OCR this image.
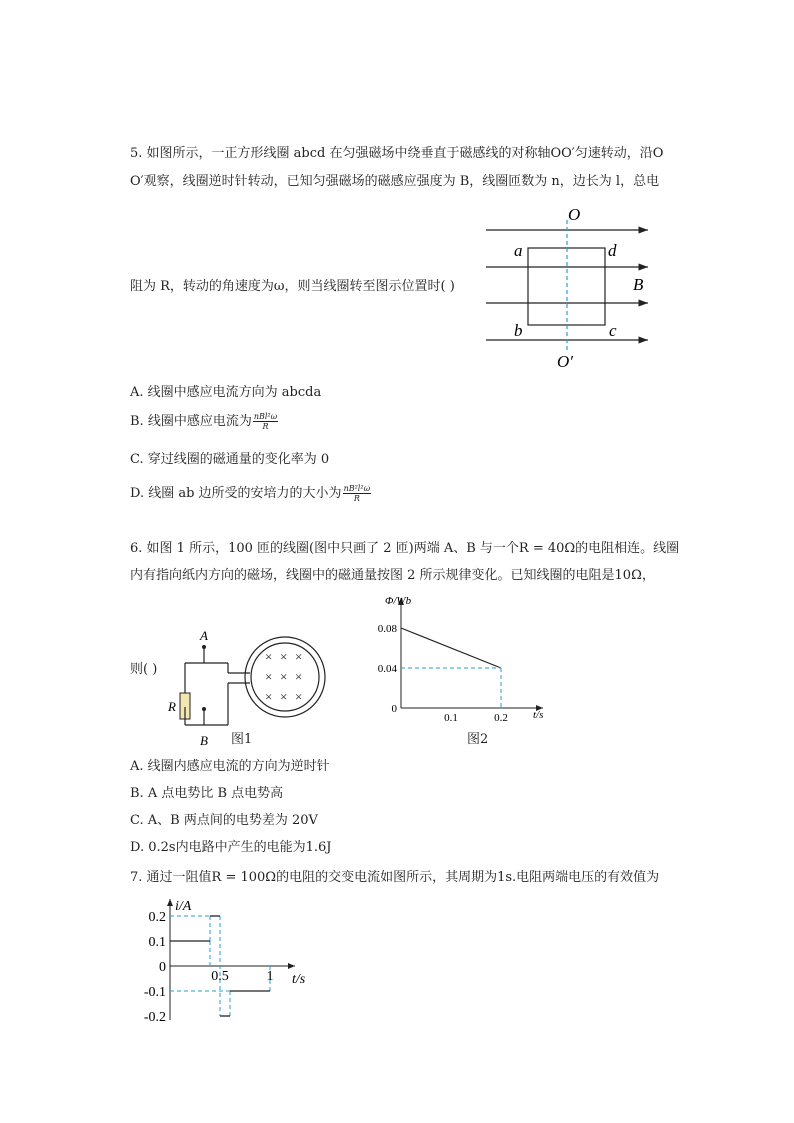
5. 如图所示，一正方形线圈 abcd 在匀强磁场中绕垂直于磁感线的对称轴OO′匀速转动，沿O
O′观察，线圈逆时针转动，已知匀强磁场的磁感应强度为 B，线圈匝数为 n，边长为 l，总电
阻为 R，转动的角速度为ω，则当线圈转至图示位置时( )
O
O′
a	d
b	c
B
A. 线圈中感应电流方向为 abcda
B. 线圈中感应电流为 $\frac{\text{nBl²ω}}{R}$
C. 穿过线圈的磁通量的变化率为 0
D. 线圈 ab 边所受的安培力的大小为 $\frac{\text{nB²l²ω}}{R}$
6. 如图 1 所示，100 匝的线圈(图中只画了 2 匝)两端 A、B 与一个R = 40Ω的电阻相连。线圈
内有指向纸内方向的磁场，线圈中的磁通量按图 2 所示规律变化。已知线圈的电阻是10Ω，
则( )
× × ×
× × ×
× × ×
A
B
R
图1
Φ/Wb
t/s
0.08
0.04
0
0.1	0.2
图2
A. 线圈内感应电流的方向为逆时针
B. A 点电势比 B 点电势高
C. A、B 两点间的电势差为 20V
D. 0.2s内电路中产生的电能为1.6J
7. 通过一阻值R = 100Ω的电阻的交变电流如图所示，其周期为1s.电阻两端电压的有效值为
i/A
t/s
0.2
0.1
0
-0.1
-0.2
0.5	1
